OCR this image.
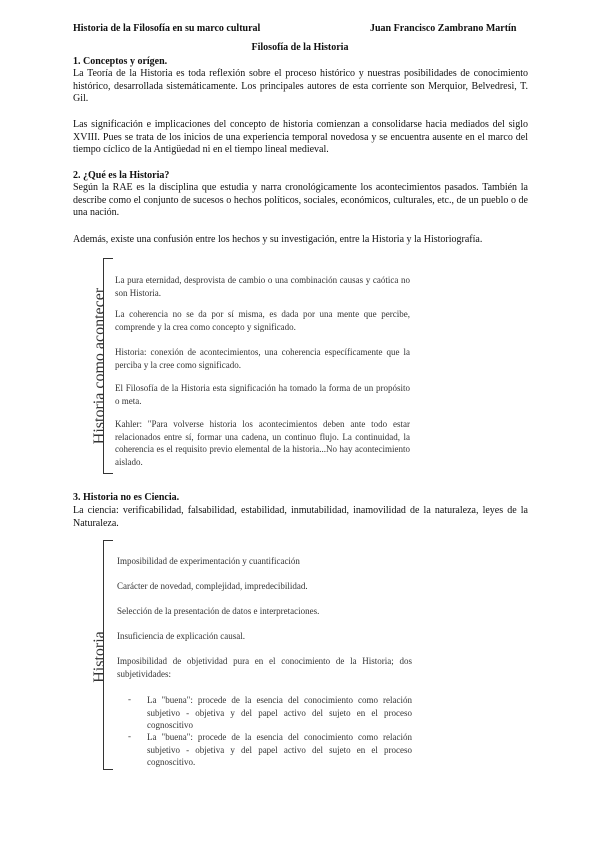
Historia de la Filosofía en su marco cultural	Juan Francisco Zambrano Martín
Filosofía de la Historia
1. Conceptos y orígen.
La Teoría de la Historia es toda reflexión sobre el proceso histórico y nuestras posibilidades de conocimiento histórico, desarrollada sistemáticamente. Los principales autores de esta corriente son Merquior, Belvedresi, T. Gil.
Las significación e implicaciones del concepto de historia comienzan a consolidarse hacia mediados del siglo XVIII. Pues se trata de los inicios de una experiencia temporal novedosa y se encuentra ausente en el marco del tiempo cíclico de la Antigüedad ni en el tiempo lineal medieval.
2. ¿Qué es la Historia?
Según la RAE es la disciplina que estudia y narra cronológicamente los acontecimientos pasados. También la describe como el conjunto de sucesos o hechos políticos, sociales, económicos, culturales, etc., de un pueblo o de una nación.
Además, existe una confusión entre los hechos y su investigación, entre la Historia y la Historiografía.
Historia como acontecer
La pura eternidad, desprovista de cambio o una combinación causas y caótica no son Historia.
La coherencia no se da por sí misma, es dada por una mente que percibe, comprende y la crea como concepto y significado.
Historia: conexión de acontecimientos, una coherencia específicamente que la perciba y la cree como significado.
El Filosofía de la Historia esta significación ha tomado la forma de un propósito o meta.
Kahler: "Para volverse historia los acontecimientos deben ante todo estar relacionados entre sí, formar una cadena, un continuo flujo. La continuidad, la coherencia es el requisito previo elemental de la historia...No hay acontecimiento aislado.
3. Historia no es Ciencia.
La ciencia: verificabilidad, falsabilidad, estabilidad, inmutabilidad, inamovilidad de la naturaleza, leyes de la Naturaleza.
Historia
Imposibilidad de experimentación y cuantificación
Carácter de novedad, complejidad, impredecibilidad.
Selección de la presentación de datos e interpretaciones.
Insuficiencia de explicación causal.
Imposibilidad de objetividad pura en el conocimiento de la Historia; dos subjetividades:
- La "buena": procede de la esencia del conocimiento como relación subjetivo - objetiva y del papel activo del sujeto en el proceso cognoscitivo
- La "buena": procede de la esencia del conocimiento como relación subjetivo - objetiva y del papel activo del sujeto en el proceso cognoscitivo.
